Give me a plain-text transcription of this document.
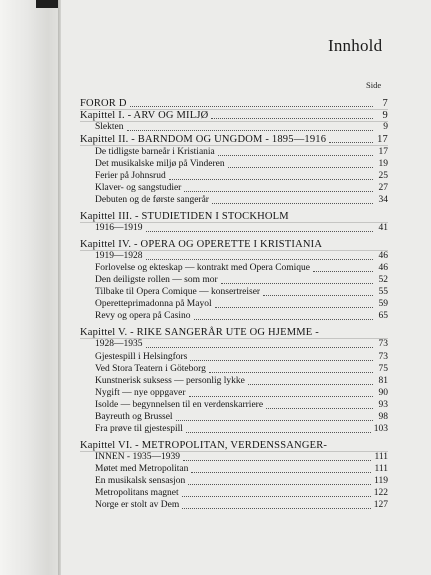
Innhold
Side
FOROR D	7
Kapittel I. - ARV OG MILJØ	9
Slekten	9
Kapittel II. - BARNDOM OG UNGDOM - 1895—1916	17
De tidligste barneår i Kristiania	17
Det musikalske miljø på Vinderen	19
Ferier på Johnsrud	25
Klaver- og sangstudier	27
Debuten og de første sangerår	34
Kapittel III. - STUDIETIDEN I STOCKHOLM
1916—1919	41
Kapittel IV. - OPERA OG OPERETTE I KRISTIANIA
1919—1928	46
Forlovelse og ekteskap — kontrakt med Opera Comique	46
Den deiligste rollen — som mor	52
Tilbake til Opera Comique — konsertreiser	55
Operetteprimadonna på Mayol	59
Revy og opera på Casino	65
Kapittel V. - RIKE SANGERÅR UTE OG HJEMME -
1928—1935	73
Gjestespill i Helsingfors	73
Ved Stora Teatern i Göteborg	75
Kunstnerisk suksess — personlig lykke	81
Nygift — nye oppgaver	90
Isolde — begynnelsen til en verdenskarriere	93
Bayreuth og Brussel	98
Fra prøve til gjestespill	103
Kapittel VI. - METROPOLITAN, VERDENSSANGER-
INNEN - 1935—1939	111
Møtet med Metropolitan	111
En musikalsk sensasjon	119
Metropolitans magnet	122
Norge er stolt av Dem	127
